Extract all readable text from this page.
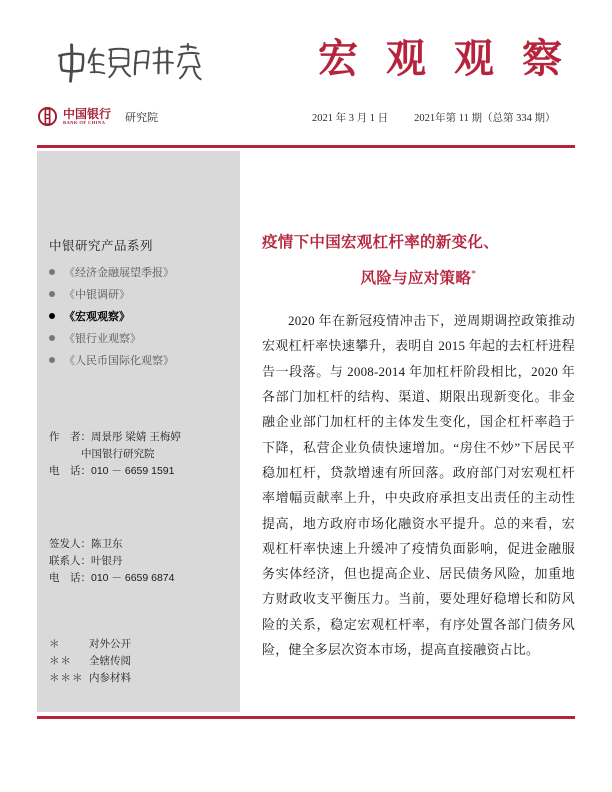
宏 观 观 察
中国银行
BANK OF CHINA	研究院	2021 年 3 月 1 日 2021年第 11 期（总第 334 期）
中银研究产品系列
《经济金融展望季报》
《中银调研》
《宏观观察》
《银行业观察》
《人民币国际化观察》
作　者：周景彤 梁婧 王梅婷
中国银行研究院
电　话：010 － 6659 1591
签发人：陈卫东
联系人：叶银丹
电　话：010 － 6659 6874
＊	对外公开
＊＊	全辖传阅
＊＊＊ 内参材料
疫情下中国宏观杠杆率的新变化、
风险与应对策略*

2020 年在新冠疫情冲击下，逆周期调控政策推动宏观杠杆率快速攀升，表明自 2015 年起的去杠杆进程告一段落。与 2008-2014 年加杠杆阶段相比，2020 年各部门加杠杆的结构、渠道、期限出现新变化。非金融企业部门加杠杆的主体发生变化，国企杠杆率趋于下降，私营企业负债快速增加。“房住不炒”下居民平稳加杠杆，贷款增速有所回落。政府部门对宏观杠杆率增幅贡献率上升，中央政府承担支出责任的主动性提高，地方政府市场化融资水平提升。总的来看，宏观杠杆率快速上升缓冲了疫情负面影响，促进金融服务实体经济，但也提高企业、居民债务风险，加重地方财政收支平衡压力。当前，要处理好稳增长和防风险的关系，稳定宏观杠杆率，有序处置各部门债务风险，健全多层次资本市场，提高直接融资占比。
